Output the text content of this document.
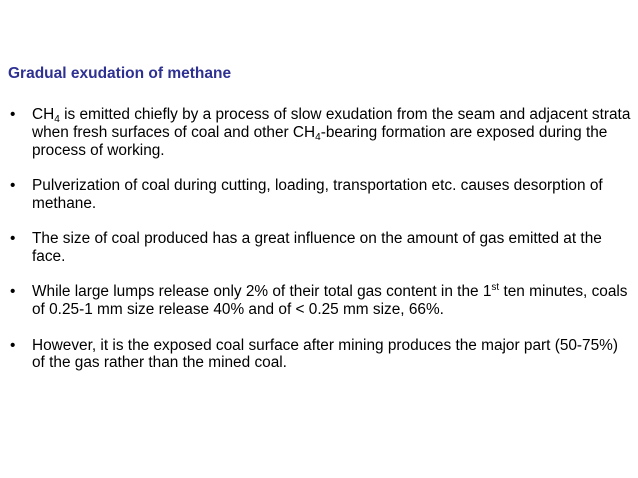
Gradual exudation of methane
• $CH_4$ is emitted chiefly by a process of slow exudation from the seam and adjacent strata when fresh surfaces of coal and other $CH_4$-bearing formation are exposed during the process of working.
• Pulverization of coal during cutting, loading, transportation etc. causes desorption of methane.
• The size of coal produced has a great influence on the amount of gas emitted at the face.
• While large lumps release only 2% of their total gas content in the 1st ten minutes, coals of 0.25-1 mm size release 40% and of < 0.25 mm size, 66%.
• However, it is the exposed coal surface after mining produces the major part (50-75%) of the gas rather than the mined coal.
